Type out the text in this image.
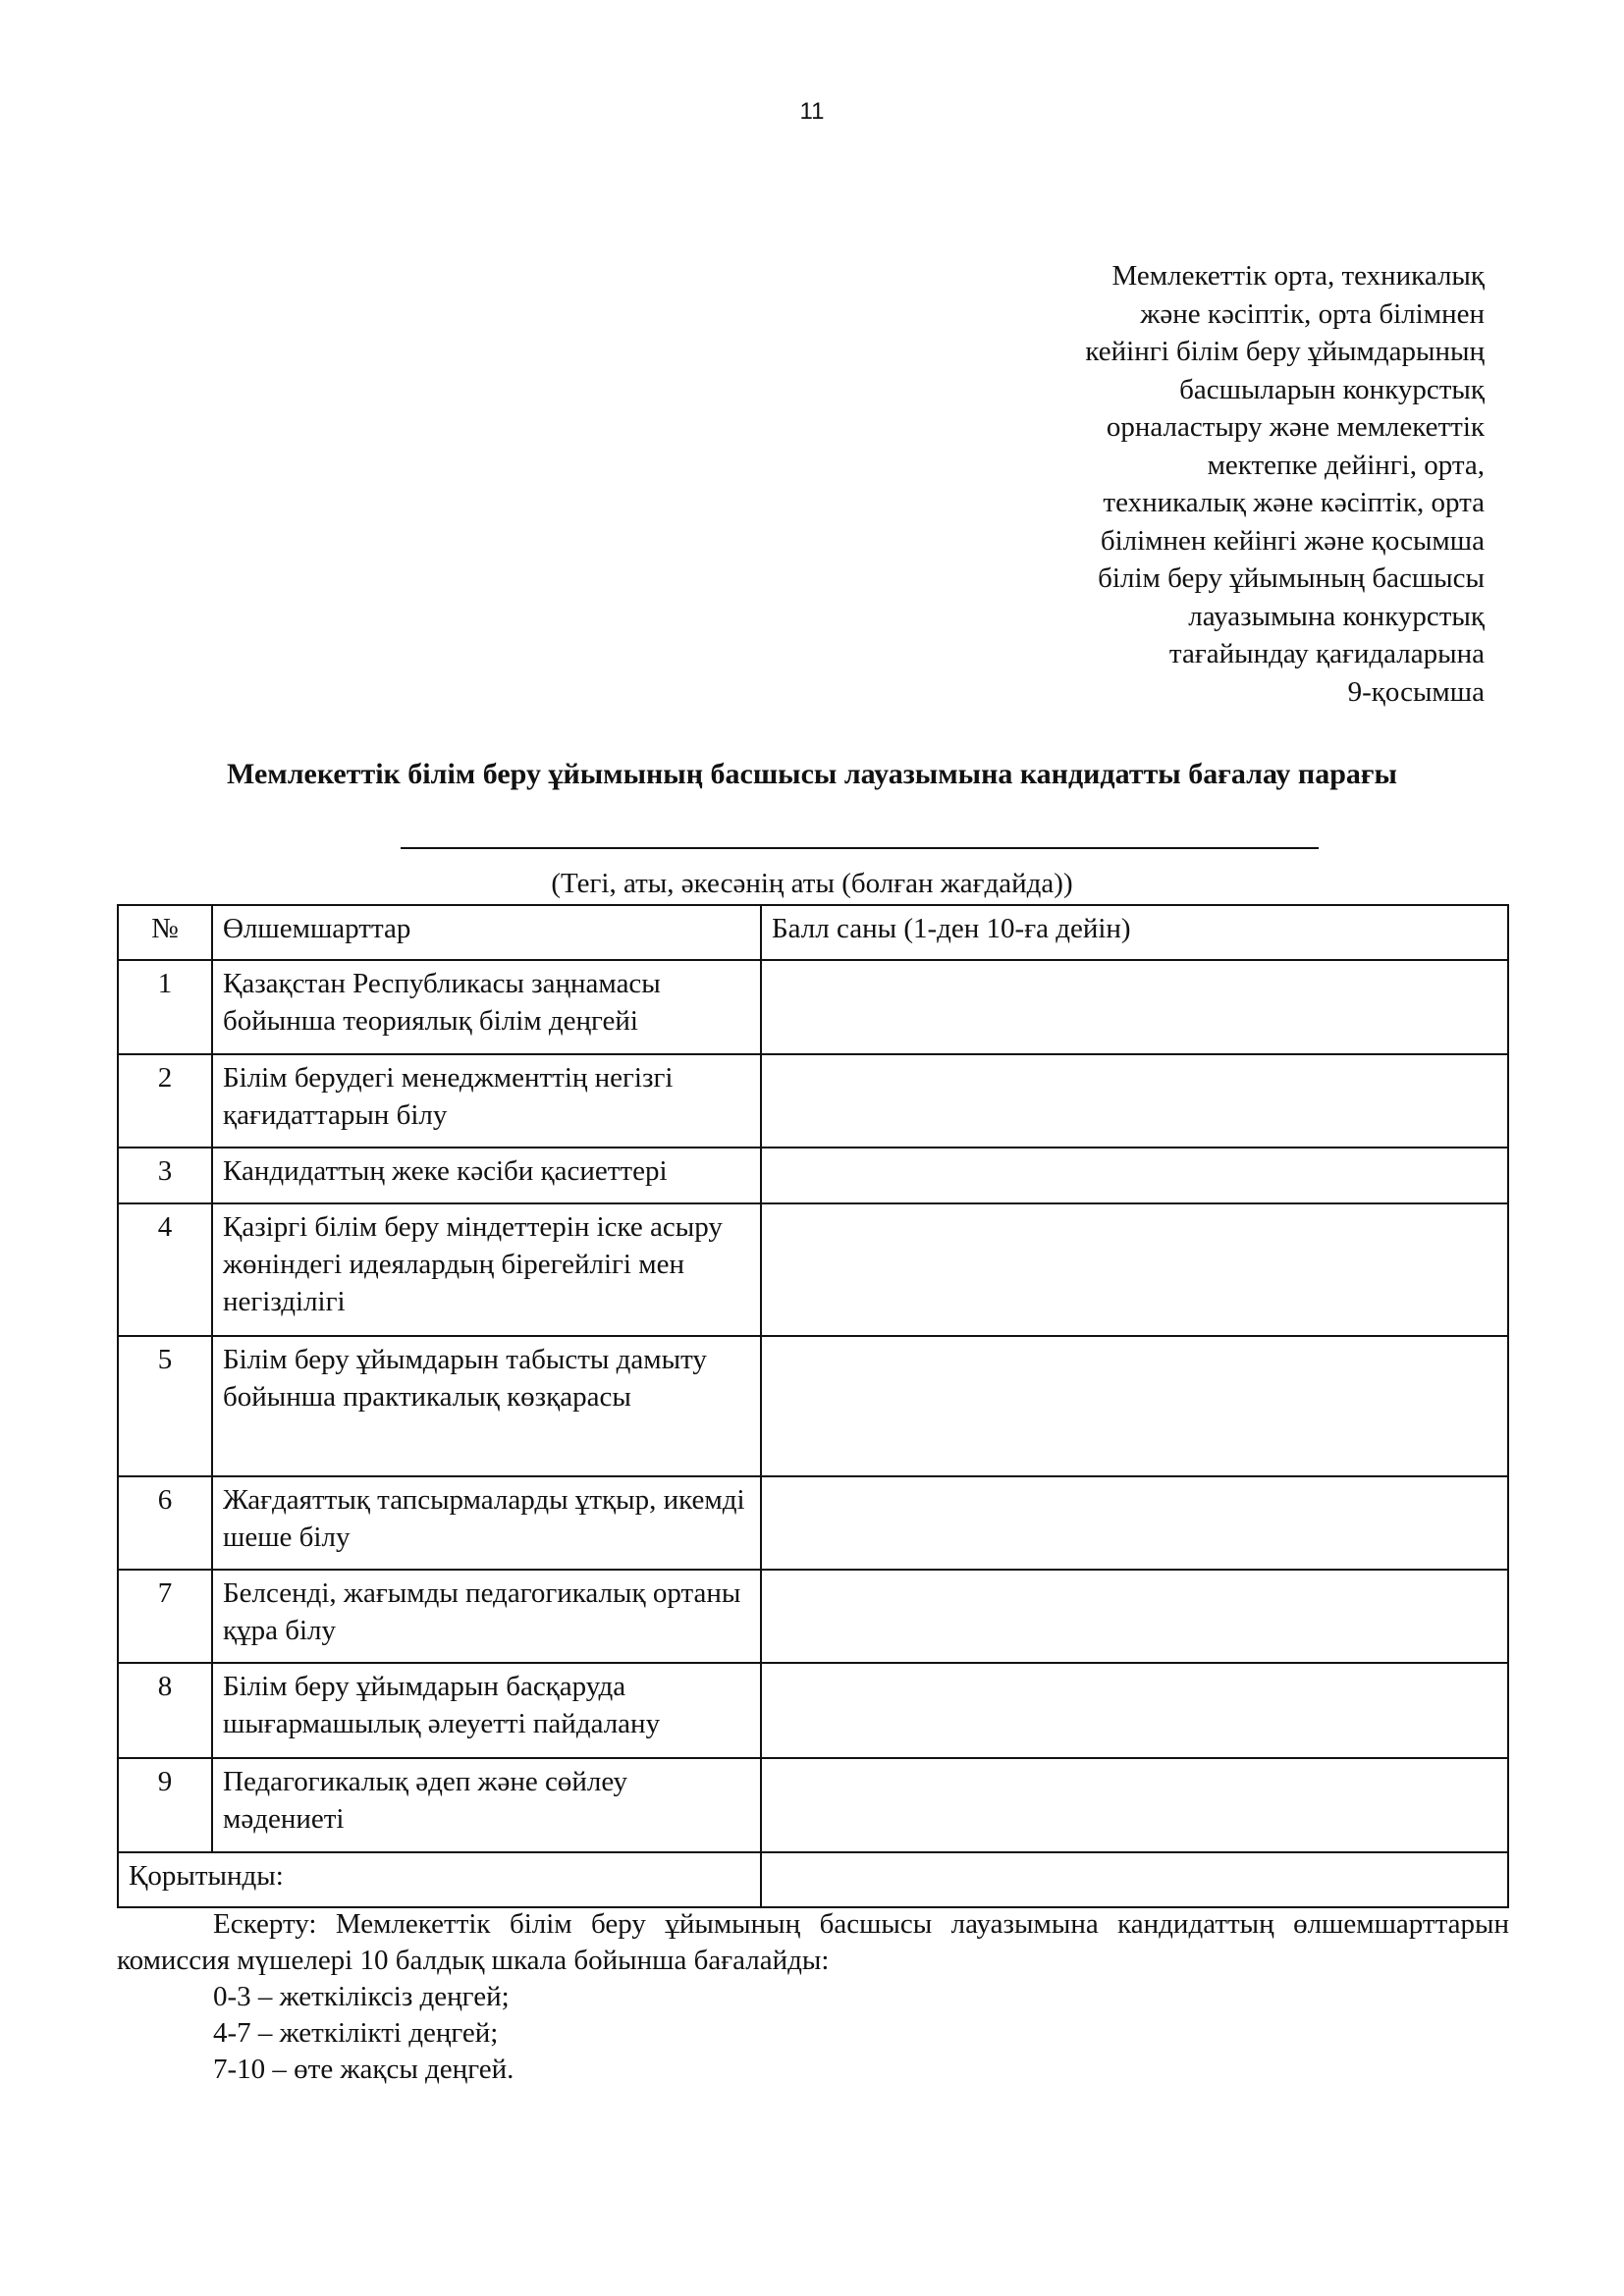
11
Мемлекеттік орта, техникалық
және кәсіптік, орта білімнен
кейінгі білім беру ұйымдарының
басшыларын конкурстық
орналастыру және мемлекеттік
мектепке дейінгі, орта,
техникалық және кәсіптік, орта
білімнен кейінгі және қосымша
білім беру ұйымының басшысы
лауазымына конкурстық
тағайындау қағидаларына
9-қосымша
Мемлекеттік білім беру ұйымының басшысы лауазымына кандидатты бағалау парағы
(Тегі, аты, әкесәнің аты (болған жағдайда))
№	Өлшемшарттар	Балл саны (1-ден 10-ға дейін)
1	Қазақстан Республикасы заңнамасы бойынша теориялық білім деңгейі	
2	Білім берудегі менеджменттің негізгі қағидаттарын білу	
3	Кандидаттың жеке кәсіби қасиеттері	
4	Қазіргі білім беру міндеттерін іске асыру жөніндегі идеялардың бірегейлігі мен негізділігі	
5	Білім беру ұйымдарын табысты дамыту бойынша практикалық көзқарасы	
6	Жағдаяттық тапсырмаларды ұтқыр, икемді шеше білу	
7	Белсенді, жағымды педагогикалық ортаны құра білу	
8	Білім беру ұйымдарын басқаруда шығармашылық әлеуетті пайдалану	
9	Педагогикалық әдеп және сөйлеу мәдениеті	
Қорытынды:		

Ескерту: Мемлекеттік білім беру ұйымының басшысы лауазымына кандидаттың өлшемшарттарын комиссия мүшелері 10 балдық шкала бойынша бағалайды:

0-3 – жеткіліксіз деңгей;

4-7 – жеткілікті деңгей;

7-10 – өте жақсы деңгей.
